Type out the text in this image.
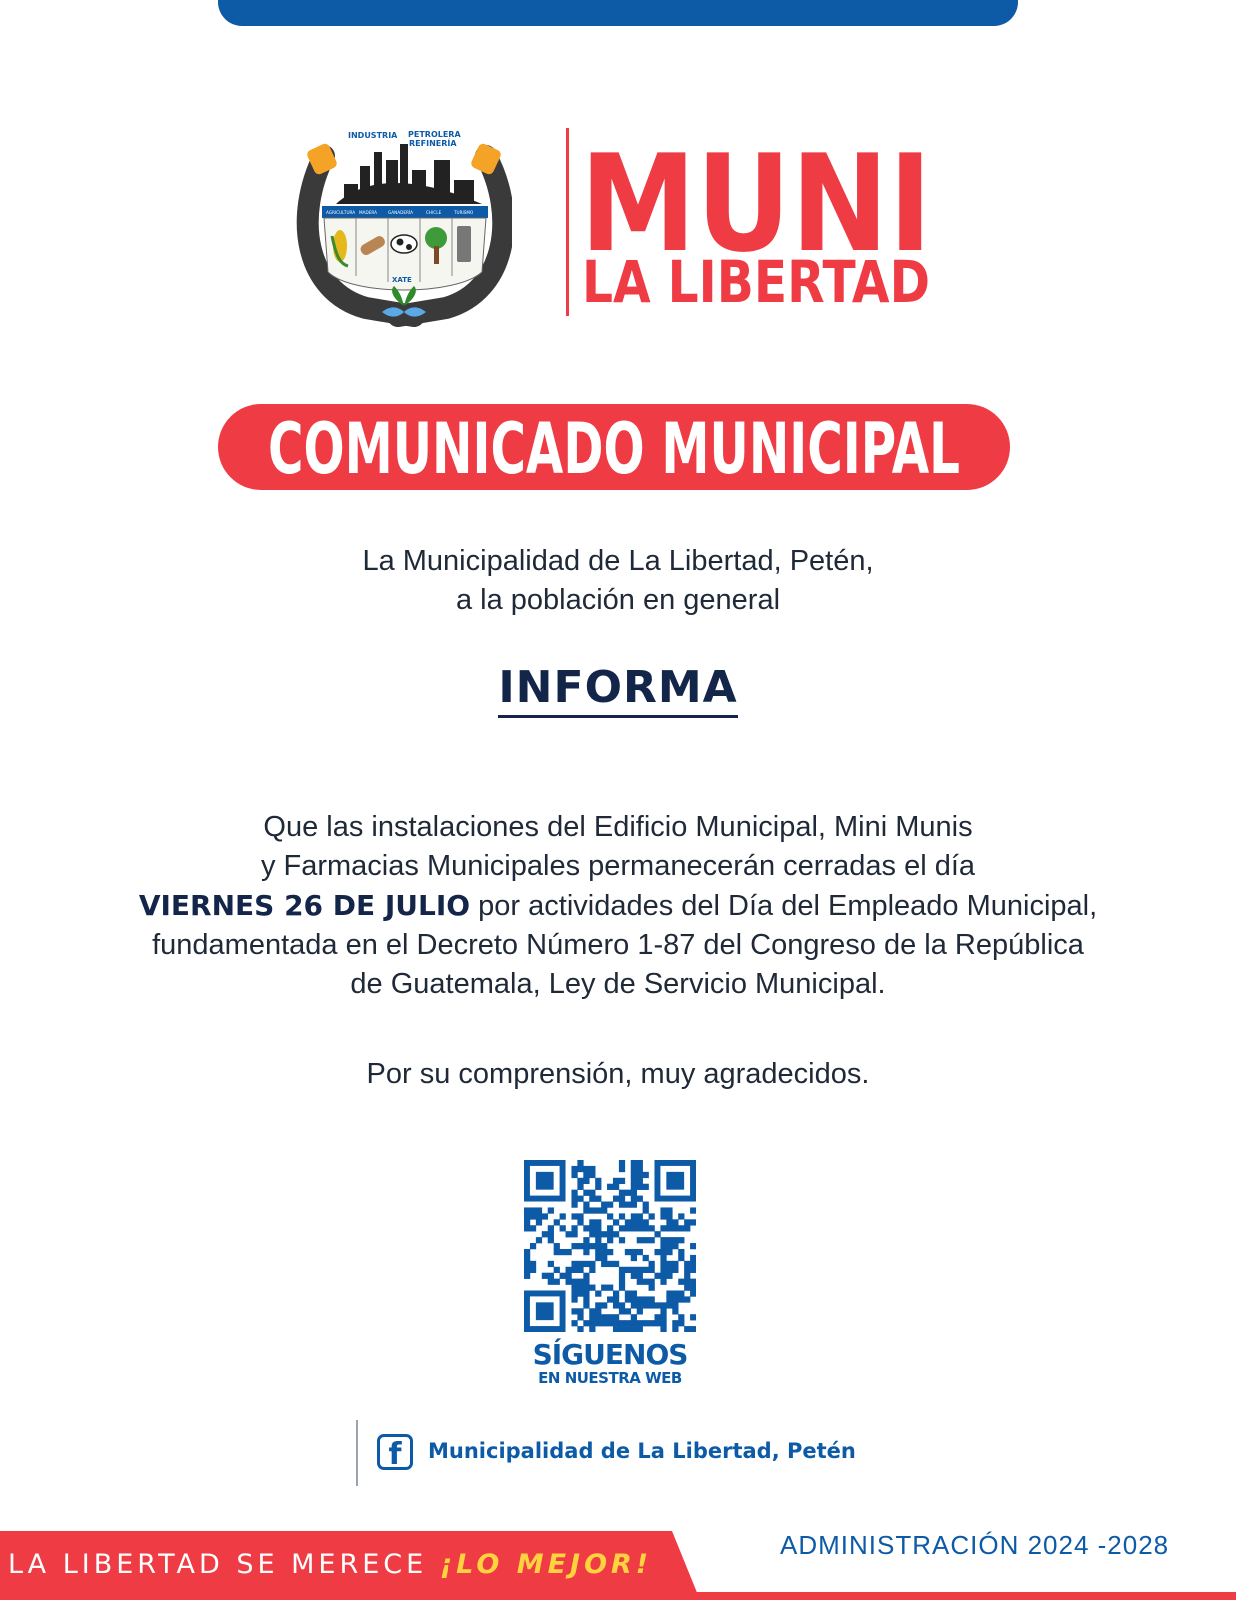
INDUSTRIA PETROLERA
REFINERÍA
AGRICULTURA MADERA	GANADERÍA	CHICLE	TURISMO
XATE MUNI
LA LIBERTAD
COMUNICADO MUNICIPAL
La Municipalidad de La Libertad, Petén,
a la población en general
INFORMA
Que las instalaciones del Edificio Municipal, Mini Munis
y Farmacias Municipales permanecerán cerradas el día
VIERNES 26 DE JULIO por actividades del Día del Empleado Municipal,
fundamentada en el Decreto Número 1-87 del Congreso de la República
de Guatemala, Ley de Servicio Municipal.
Por su comprensión, muy agradecidos.
SÍGUENOS
EN NUESTRA WEB
f	Municipalidad de La Libertad, Petén
LA LIBERTAD SE MERECE ¡LO MEJOR!
ADMINISTRACIÓN 2024 -2028
